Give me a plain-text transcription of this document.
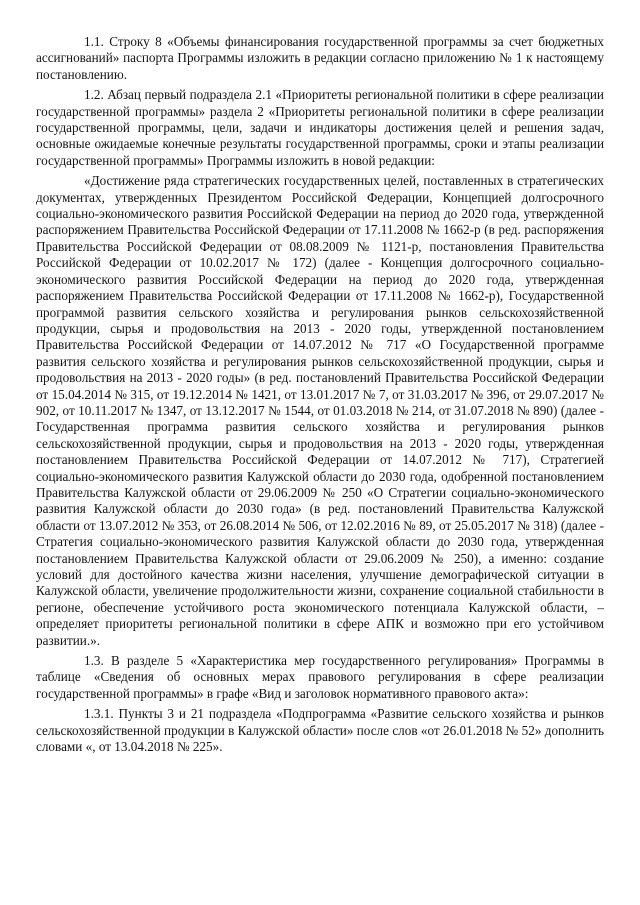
1.1. Строку 8 «Объемы финансирования государственной программы за счет бюджетных ассигнований» паспорта Программы изложить в редакции согласно приложению № 1 к настоящему постановлению.

1.2. Абзац первый подраздела 2.1 «Приоритеты региональной политики в сфере реализации государственной программы» раздела 2 «Приоритеты региональной политики в сфере реализации государственной программы, цели, задачи и индикаторы достижения целей и решения задач, основные ожидаемые конечные результаты государственной программы, сроки и этапы реализации государственной программы» Программы изложить в новой редакции:

«Достижение ряда стратегических государственных целей, поставленных в стратегических документах, утвержденных Президентом Российской Федерации, Концепцией долгосрочного социально-экономического развития Российской Федерации на период до 2020 года, утвержденной распоряжением Правительства Российской Федерации от 17.11.2008 № 1662-р (в ред. распоряжения Правительства Российской Федерации от 08.08.2009 № 1121-р, постановления Правительства Российской Федерации от 10.02.2017 № 172) (далее - Концепция долгосрочного социально-экономического развития Российской Федерации на период до 2020 года, утвержденная распоряжением Правительства Российской Федерации от 17.11.2008 № 1662-р), Государственной программой развития сельского хозяйства и регулирования рынков сельскохозяйственной продукции, сырья и продовольствия на 2013 - 2020 годы, утвержденной постановлением Правительства Российской Федерации от 14.07.2012 № 717 «О Государственной программе развития сельского хозяйства и регулирования рынков сельскохозяйственной продукции, сырья и продовольствия на 2013 - 2020 годы» (в ред. постановлений Правительства Российской Федерации от 15.04.2014 № 315, от 19.12.2014 № 1421, от 13.01.2017 № 7, от 31.03.2017 № 396, от 29.07.2017 № 902, от 10.11.2017 № 1347, от 13.12.2017 № 1544, от 01.03.2018 № 214, от 31.07.2018 № 890) (далее - Государственная программа развития сельского хозяйства и регулирования рынков сельскохозяйственной продукции, сырья и продовольствия на 2013 - 2020 годы, утвержденная постановлением Правительства Российской Федерации от 14.07.2012 № 717), Стратегией социально-экономического развития Калужской области до 2030 года, одобренной постановлением Правительства Калужской области от 29.06.2009 № 250 «О Стратегии социально-экономического развития Калужской области до 2030 года» (в ред. постановлений Правительства Калужской области от 13.07.2012 № 353, от 26.08.2014 № 506, от 12.02.2016 № 89, от 25.05.2017 № 318) (далее - Стратегия социально-экономического развития Калужской области до 2030 года, утвержденная постановлением Правительства Калужской области от 29.06.2009 № 250), а именно: создание условий для достойного качества жизни населения, улучшение демографической ситуации в Калужской области, увеличение продолжительности жизни, сохранение социальной стабильности в регионе, обеспечение устойчивого роста экономического потенциала Калужской области, – определяет приоритеты региональной политики в сфере АПК и возможно при его устойчивом развитии.».

1.3. В разделе 5 «Характеристика мер государственного регулирования» Программы в таблице «Сведения об основных мерах правового регулирования в сфере реализации государственной программы» в графе «Вид и заголовок нормативного правового акта»:

1.3.1. Пункты 3 и 21 подраздела «Подпрограмма «Развитие сельского хозяйства и рынков сельскохозяйственной продукции в Калужской области» после слов «от 26.01.2018 № 52» дополнить словами «, от 13.04.2018 № 225».
